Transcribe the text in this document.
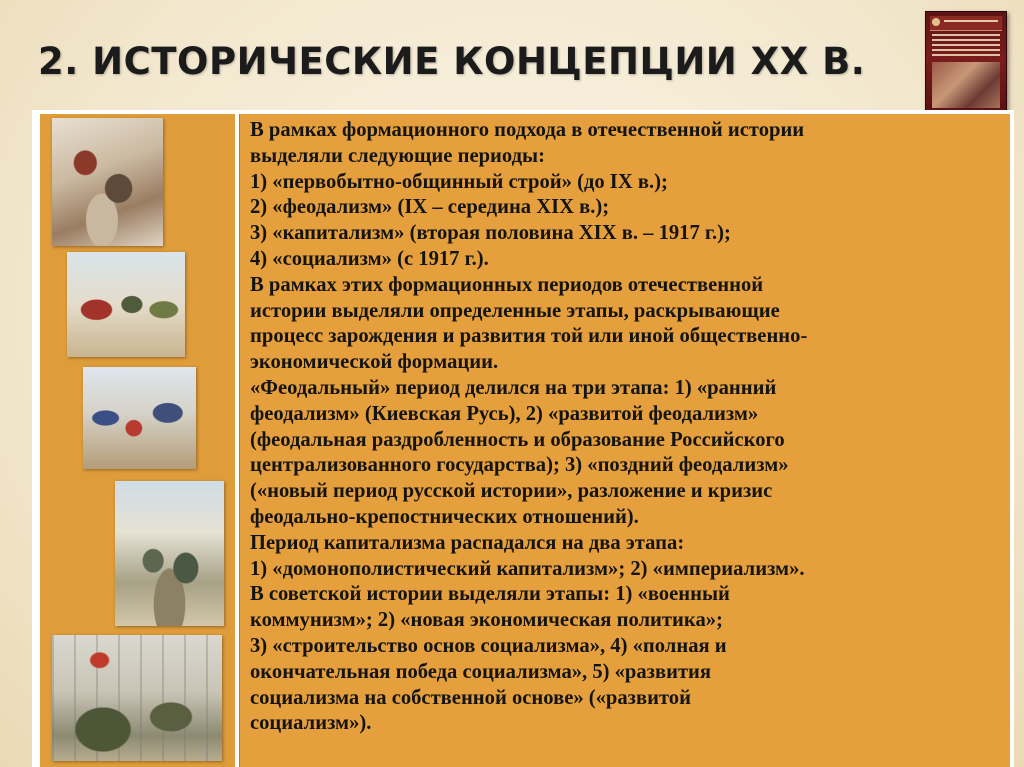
2. ИСТОРИЧЕСКИЕ КОНЦЕПЦИИ XX В.
В рамках формационного подхода в отечественной истории
выделяли следующие периоды:
1) «первобытно-общинный строй» (до IX в.);
2) «феодализм» (IX – середина XIX в.);
3) «капитализм» (вторая половина XIX в. – 1917 г.);
4) «социализм» (с 1917 г.).
В рамках этих формационных периодов отечественной
истории выделяли определенные этапы, раскрывающие
процесс зарождения и развития той или иной общественно-
экономической формации.
«Феодальный» период делился на три этапа: 1) «ранний
феодализм» (Киевская Русь), 2) «развитой феодализм»
(феодальная раздробленность и образование Российского
централизованного государства); 3) «поздний феодализм»
(«новый период русской истории», разложение и кризис
феодально-крепостнических отношений).
Период капитализма распадался на два этапа:
1) «домонополистический капитализм»; 2) «империализм».
В советской истории выделяли этапы: 1) «военный
коммунизм»; 2) «новая экономическая политика»;
3) «строительство основ социализма», 4) «полная и
окончательная победа социализма», 5) «развития
социализма на собственной основе» («развитой
социализм»).
